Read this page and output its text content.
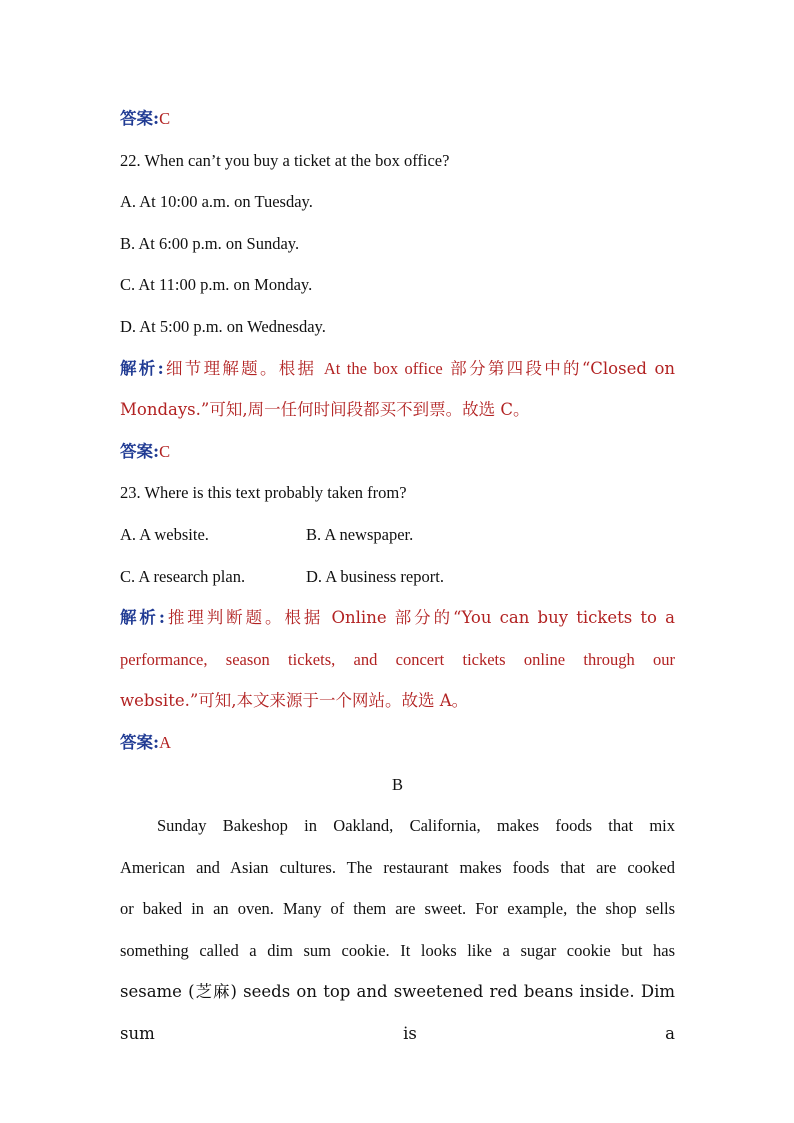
答案:C
22. When can’t you buy a ticket at the box office?
A. At 10:00 a.m. on Tuesday.
B. At 6:00 p.m. on Sunday.
C. At 11:00 p.m. on Monday.
D. At 5:00 p.m. on Wednesday.
解析:细节理解题。根据 At the box office 部分第四段中的“Closed on
Mondays.”可知,周一任何时间段都买不到票。故选 C。
答案:C
23. Where is this text probably taken from?
A. A website.	B. A newspaper.
C. A research plan.	D. A business report.
解析:推理判断题。根据 Online 部分的“You can buy tickets to a
performance, season tickets, and concert tickets online through our
website.”可知,本文来源于一个网站。故选 A。
答案:A
B
Sunday Bakeshop in Oakland, California, makes foods that mix
American and Asian cultures. The restaurant makes foods that are cooked
or baked in an oven. Many of them are sweet. For example, the shop sells
something called a dim sum cookie. It looks like a sugar cookie but has
sesame (芝麻) seeds on top and sweetened red beans inside. Dim sum is a
